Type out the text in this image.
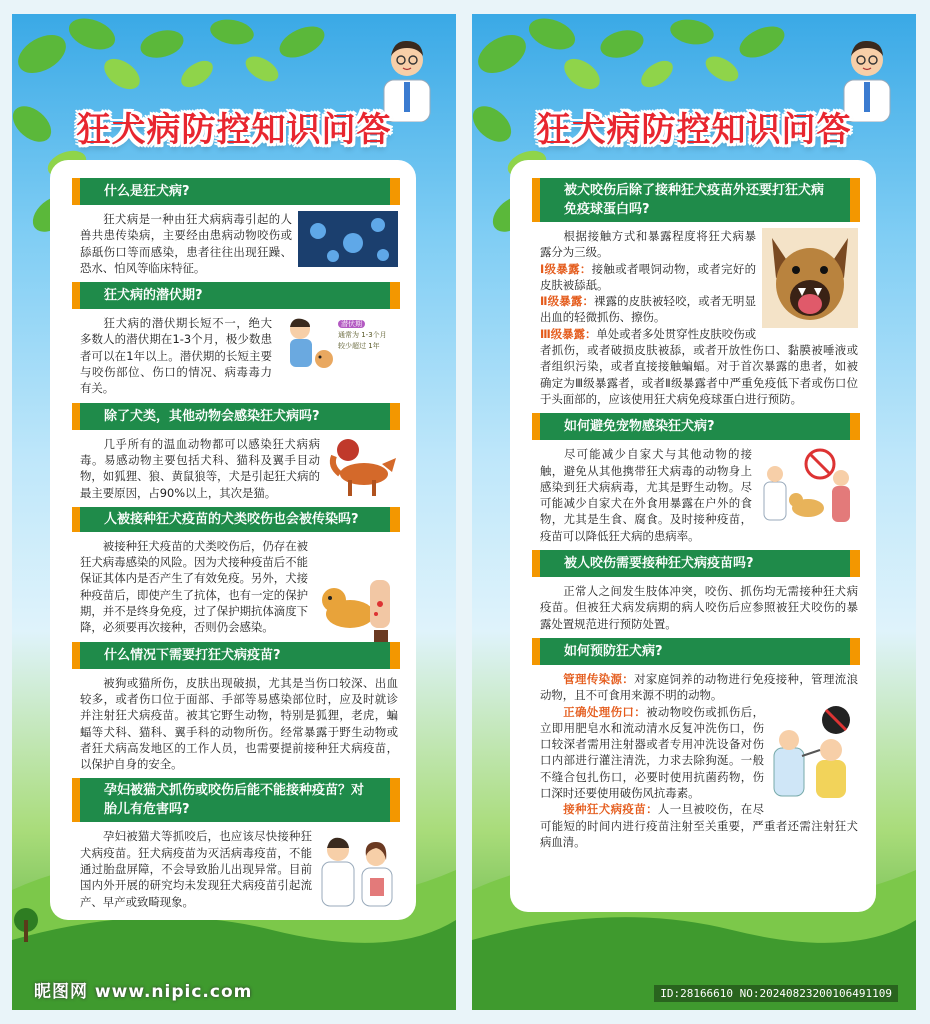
狂犬病防控知识问答
什么是狂犬病?
狂犬病是一种由狂犬病病毒引起的人兽共患传染病，主要经由患病动物咬伤或舔舐伤口等而感染，患者往往出现狂躁、恐水、怕风等临床特征。
狂犬病的潜伏期?
潜伏期
通常为 1-3个月
较少超过 1年
狂犬病的潜伏期长短不一，绝大多数人的潜伏期在1-3个月，极少数患者可以在1年以上。潜伏期的长短主要与咬伤部位、伤口的情况、病毒毒力有关。
除了犬类，其他动物会感染狂犬病吗?
几乎所有的温血动物都可以感染狂犬病病毒。易感动物主要包括犬科、猫科及翼手目动物，如狐狸、狼、黄鼠狼等，犬是引起狂犬病的最主要原因，占90%以上，其次是猫。
人被接种狂犬疫苗的犬类咬伤也会被传染吗?
被接种狂犬疫苗的犬类咬伤后，仍存在被狂犬病毒感染的风险。因为犬接种疫苗后不能保证其体内是否产生了有效免疫。另外，犬接种疫苗后，即使产生了抗体，也有一定的保护期，并不是终身免疫，过了保护期抗体滴度下降，必须要再次接种，否则仍会感染。
什么情况下需要打狂犬病疫苗?
被狗或猫所伤，皮肤出现破损，尤其是当伤口较深、出血较多，或者伤口位于面部、手部等易感染部位时，应及时就诊并注射狂犬病疫苗。被其它野生动物，特别是狐狸，老虎，蝙蝠等犬科、猫科、翼手科的动物所伤。经常暴露于野生动物或者狂犬病高发地区的工作人员，也需要提前接种狂犬病疫苗，以保护自身的安全。
孕妇被猫犬抓伤或咬伤后能不能接种疫苗？对胎儿有危害吗?
孕妇被猫犬等抓咬后，也应该尽快接种狂犬病疫苗。狂犬病疫苗为灭活病毒疫苗，不能通过胎盘屏障，不会导致胎儿出现异常。目前国内外开展的研究均未发现狂犬病疫苗引起流产、早产或致畸现象。
昵图网 www.nipic.com
狂犬病防控知识问答
被犬咬伤后除了接种狂犬疫苗外还要打狂犬病免疫球蛋白吗?
根据接触方式和暴露程度将狂犬病暴露分为三级。
Ⅰ级暴露：接触或者喂饲动物，或者完好的皮肤被舔舐。
Ⅱ级暴露：裸露的皮肤被轻咬，或者无明显出血的轻微抓伤、擦伤。
Ⅲ级暴露：单处或者多处贯穿性皮肤咬伤或者抓伤，或者破损皮肤被舔，或者开放性伤口、黏膜被唾液或者组织污染，或者直接接触蝙蝠。对于首次暴露的患者，如被确定为Ⅲ级暴露者，或者Ⅱ级暴露者中严重免疫低下者或伤口位于头面部的，应该使用狂犬病免疫球蛋白进行预防。
如何避免宠物感染狂犬病?
尽可能减少自家犬与其他动物的接触，避免从其他携带狂犬病毒的动物身上感染到狂犬病病毒，尤其是野生动物。尽可能减少自家犬在外食用暴露在户外的食物，尤其是生食、腐食。及时接种疫苗，疫苗可以降低狂犬病的患病率。
被人咬伤需要接种狂犬病疫苗吗?
正常人之间发生肢体冲突，咬伤、抓伤均无需接种狂犬病疫苗。但被狂犬病发病期的病人咬伤后应参照被狂犬咬伤的暴露处置规范进行预防处置。
如何预防狂犬病?
管理传染源：对家庭饲养的动物进行免疫接种，管理流浪动物，且不可食用来源不明的动物。

正确处理伤口：被动物咬伤或抓伤后，立即用肥皂水和流动清水反复冲洗伤口，伤口较深者需用注射器或者专用冲洗设备对伤口内部进行灌注清洗，力求去除狗涎。一般不缝合包扎伤口，必要时使用抗菌药物，伤口深时还要使用破伤风抗毒素。
接种狂犬病疫苗：人一旦被咬伤，在尽可能短的时间内进行疫苗注射至关重要，严重者还需注射狂犬病血清。
ID:28166610 NO:20240823200106491109
